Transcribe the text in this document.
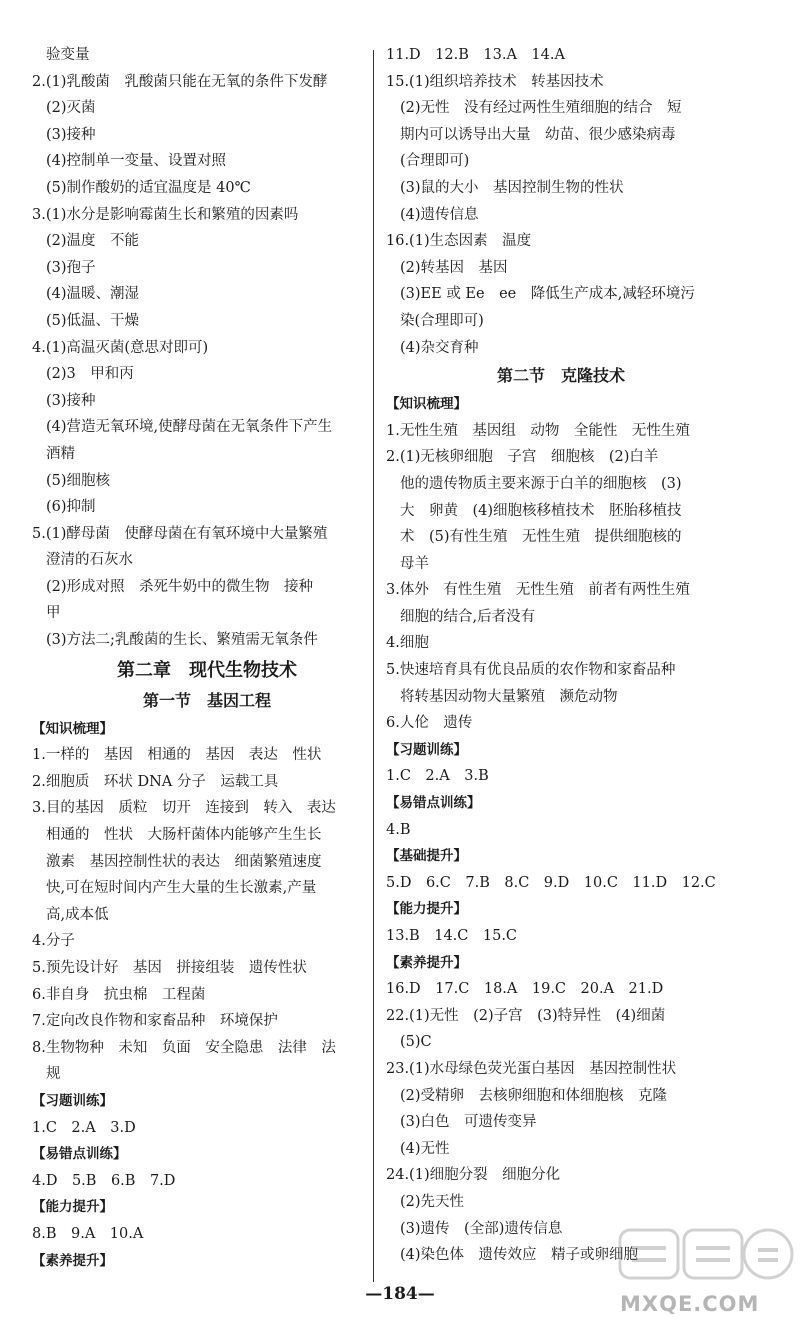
验变量
2.(1)乳酸菌　乳酸菌只能在无氧的条件下发酵
(2)灭菌
(3)接种
(4)控制单一变量、设置对照
(5)制作酸奶的适宜温度是 40℃
3.(1)水分是影响霉菌生长和繁殖的因素吗
(2)温度　不能
(3)孢子
(4)温暖、潮湿
(5)低温、干燥
4.(1)高温灭菌(意思对即可)
(2)3　甲和丙
(3)接种
(4)营造无氧环境,使酵母菌在无氧条件下产生
酒精
(5)细胞核
(6)抑制
5.(1)酵母菌　使酵母菌在有氧环境中大量繁殖
澄清的石灰水
(2)形成对照　杀死牛奶中的微生物　接种
甲
(3)方法二;乳酸菌的生长、繁殖需无氧条件
第二章　现代生物技术
第一节　基因工程
【知识梳理】
1.一样的　基因　相通的　基因　表达　性状
2.细胞质　环状 DNA 分子　运载工具
3.目的基因　质粒　切开　连接到　转入　表达
相通的　性状　大肠杆菌体内能够产生生长
激素　基因控制性状的表达　细菌繁殖速度
快,可在短时间内产生大量的生长激素,产量
高,成本低
4.分子
5.预先设计好　基因　拼接组装　遗传性状
6.非自身　抗虫棉　工程菌
7.定向改良作物和家畜品种　环境保护
8.生物物种　未知　负面　安全隐患　法律　法
规
【习题训练】
1.C　2.A　3.D
【易错点训练】
4.D　5.B　6.B　7.D
【能力提升】
8.B　9.A　10.A
【素养提升】
11.D　12.B　13.A　14.A
15.(1)组织培养技术　转基因技术
(2)无性　没有经过两性生殖细胞的结合　短
期内可以诱导出大量　幼苗、很少感染病毒
(合理即可)
(3)鼠的大小　基因控制生物的性状
(4)遗传信息
16.(1)生态因素　温度
(2)转基因　基因
(3)EE 或 Ee　ee　降低生产成本,减轻环境污
染(合理即可)
(4)杂交育种
第二节　克隆技术
【知识梳理】
1.无性生殖　基因组　动物　全能性　无性生殖
2.(1)无核卵细胞　子宫　细胞核　(2)白羊
他的遗传物质主要来源于白羊的细胞核　(3)
大　卵黄　(4)细胞核移植技术　胚胎移植技
术　(5)有性生殖　无性生殖　提供细胞核的
母羊
3.体外　有性生殖　无性生殖　前者有两性生殖
细胞的结合,后者没有
4.细胞
5.快速培育具有优良品质的农作物和家畜品种
将转基因动物大量繁殖　濒危动物
6.人伦　遗传
【习题训练】
1.C　2.A　3.B
【易错点训练】
4.B
【基础提升】
5.D　6.C　7.B　8.C　9.D　10.C　11.D　12.C
【能力提升】
13.B　14.C　15.C
【素养提升】
16.D　17.C　18.A　19.C　20.A　21.D
22.(1)无性　(2)子宫　(3)特异性　(4)细菌
(5)C
23.(1)水母绿色荧光蛋白基因　基因控制性状
(2)受精卵　去核卵细胞和体细胞核　克隆
(3)白色　可遗传变异
(4)无性
24.(1)细胞分裂　细胞分化
(2)先天性
(3)遗传　(全部)遗传信息
(4)染色体　遗传效应　精子或卵细胞
—184—	MXQE.COM
